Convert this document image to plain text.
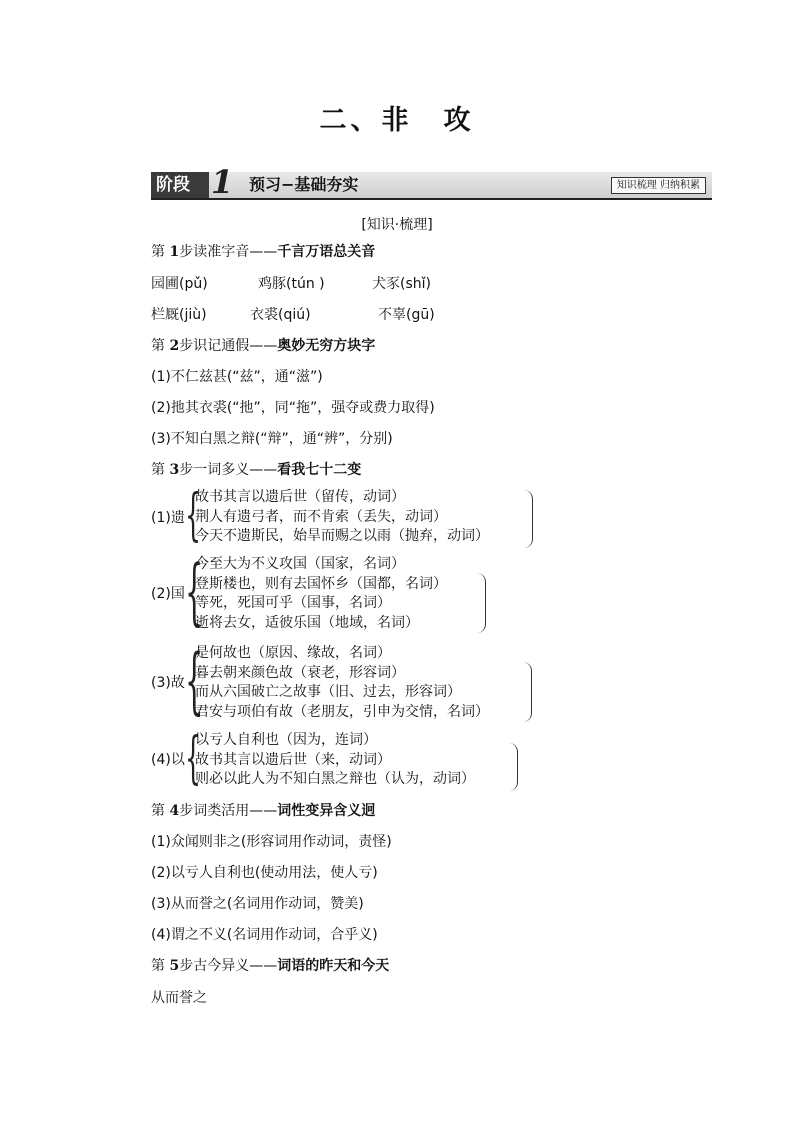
二、非　攻
阶段 1 预习−基础夯实	知识梳理 归纳积累
[知识·梳理]
第 1步读准字音——千言万语总关音
园圃(pǔ)	鸡豚(tún )	犬豕(shǐ)
栏厩(jiù)	衣裘(qiú)	不辜(gū)
第 2步识记通假——奥妙无穷方块字
(1)不仁兹甚(“兹”，通“滋”)
(2)扡其衣裘(“扡”，同“拖”，强夺或费力取得)
(3)不知白黑之辩(“辩”，通“辨”，分别)
第 3步一词多义——看我七十二变
(1)遗 {
故书其言以遗后世（留传，动词）
荆人有遗弓者，而不肯索（丢失，动词）
今天不遗斯民，始旱而赐之以雨（抛弃，动词）
(2)国 {
今至大为不义攻国（国家，名词）
登斯楼也，则有去国怀乡（国都，名词）
等死，死国可乎（国事，名词）
逝将去女，适彼乐国（地域，名词）
(3)故 {
是何故也（原因、缘故，名词）
暮去朝来颜色故（衰老，形容词）
而从六国破亡之故事（旧、过去，形容词）
君安与项伯有故（老朋友，引申为交情，名词）
(4)以 {
以亏人自利也（因为，连词）
故书其言以遗后世（来，动词）
则必以此人为不知白黑之辩也（认为，动词）
第 4步词类活用——词性变异含义迥
(1)众闻则非之(形容词用作动词，责怪)
(2)以亏人自利也(使动用法，使人亏)
(3)从而誉之(名词用作动词，赞美)
(4)谓之不义(名词用作动词，合乎义)
第 5步古今异义——词语的昨天和今天
从而誉之
